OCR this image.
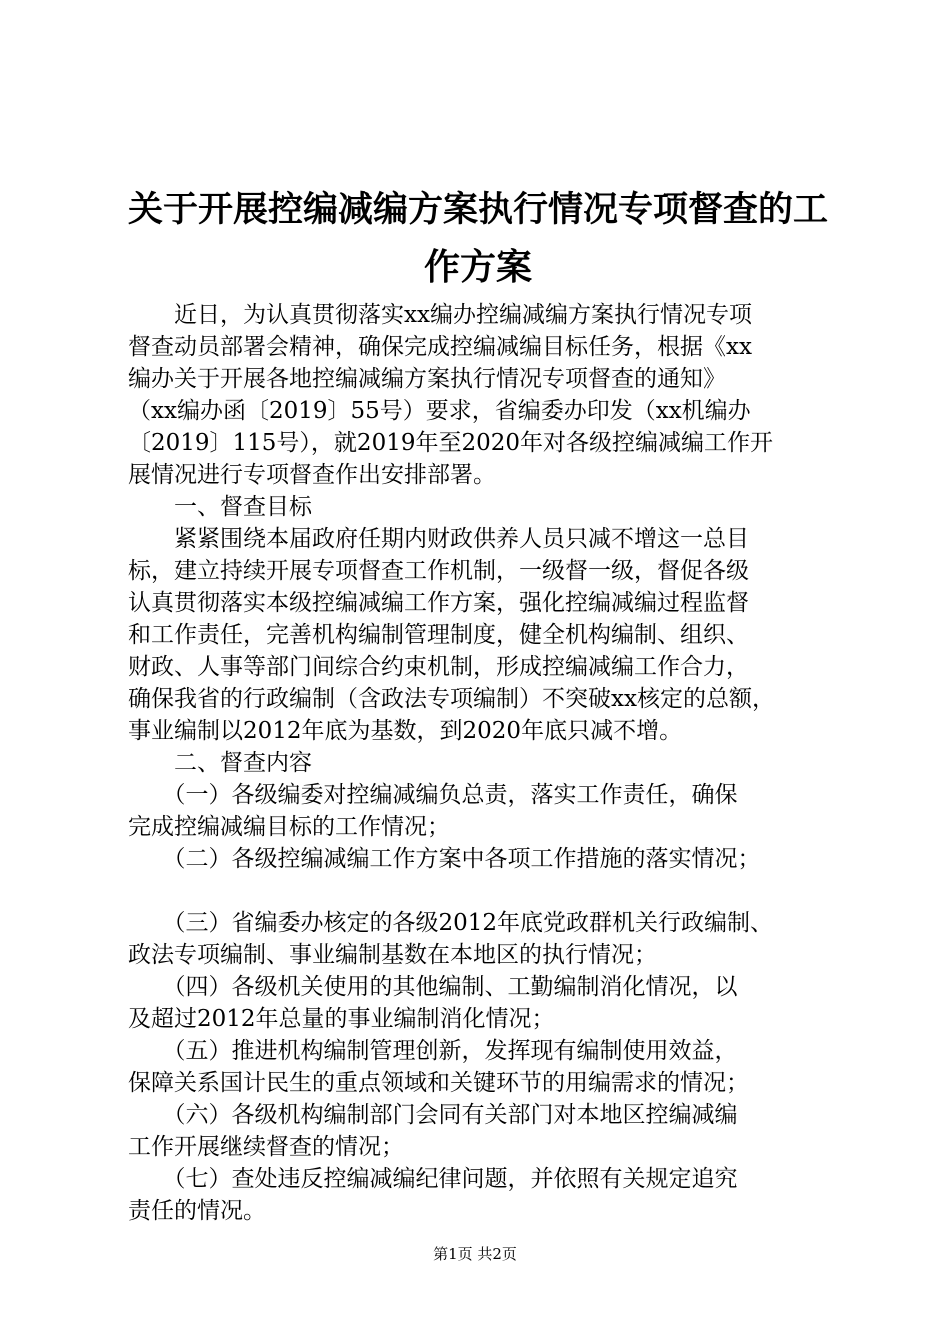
关于开展控编减编方案执行情况专项督查的工
作方案
　　近日，为认真贯彻落实xx编办控编减编方案执行情况专项
督查动员部署会精神，确保完成控编减编目标任务，根据《xx
编办关于开展各地控编减编方案执行情况专项督查的通知》
（xx编办函〔2019〕55号）要求，省编委办印发（xx机编办
〔2019〕115号），就2019年至2020年对各级控编减编工作开
展情况进行专项督查作出安排部署。
　　一、督查目标
　　紧紧围绕本届政府任期内财政供养人员只减不增这一总目
标，建立持续开展专项督查工作机制，一级督一级，督促各级
认真贯彻落实本级控编减编工作方案，强化控编减编过程监督
和工作责任，完善机构编制管理制度，健全机构编制、组织、
财政、人事等部门间综合约束机制，形成控编减编工作合力，
确保我省的行政编制（含政法专项编制）不突破xx核定的总额，
事业编制以2012年底为基数，到2020年底只减不增。
　　二、督查内容
　　（一）各级编委对控编减编负总责，落实工作责任，确保
完成控编减编目标的工作情况；
　　（二）各级控编减编工作方案中各项工作措施的落实情况；
　　（三）省编委办核定的各级2012年底党政群机关行政编制、
政法专项编制、事业编制基数在本地区的执行情况；
　　（四）各级机关使用的其他编制、工勤编制消化情况，以
及超过2012年总量的事业编制消化情况；
　　（五）推进机构编制管理创新，发挥现有编制使用效益，
保障关系国计民生的重点领域和关键环节的用编需求的情况；
　　（六）各级机构编制部门会同有关部门对本地区控编减编
工作开展继续督查的情况；
　　（七）查处违反控编减编纪律问题，并依照有关规定追究
责任的情况。
第1页 共2页
